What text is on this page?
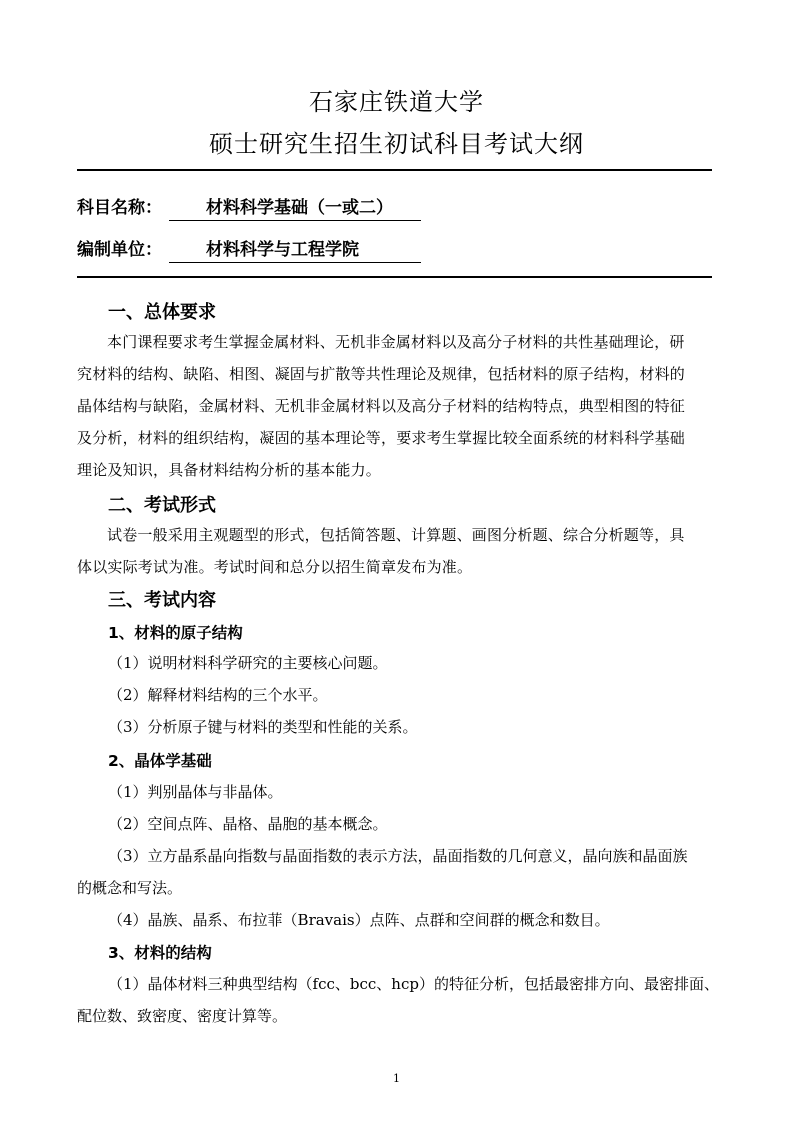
石家庄铁道大学
硕士研究生招生初试科目考试大纲
科目名称：	材料科学基础（一或二）
编制单位：	材料科学与工程学院
一、总体要求
本门课程要求考生掌握金属材料、无机非金属材料以及高分子材料的共性基础理论，研
究材料的结构、缺陷、相图、凝固与扩散等共性理论及规律，包括材料的原子结构，材料的
晶体结构与缺陷，金属材料、无机非金属材料以及高分子材料的结构特点，典型相图的特征
及分析，材料的组织结构，凝固的基本理论等，要求考生掌握比较全面系统的材料科学基础
理论及知识，具备材料结构分析的基本能力。
二、考试形式
试卷一般采用主观题型的形式，包括简答题、计算题、画图分析题、综合分析题等，具
体以实际考试为准。考试时间和总分以招生简章发布为准。
三、考试内容
1、材料的原子结构
（1）说明材料科学研究的主要核心问题。
（2）解释材料结构的三个水平。
（3）分析原子键与材料的类型和性能的关系。
2、晶体学基础
（1）判别晶体与非晶体。
（2）空间点阵、晶格、晶胞的基本概念。
（3）立方晶系晶向指数与晶面指数的表示方法，晶面指数的几何意义，晶向族和晶面族
的概念和写法。
（4）晶族、晶系、布拉菲（Bravais）点阵、点群和空间群的概念和数目。
3、材料的结构
（1）晶体材料三种典型结构（fcc、bcc、hcp）的特征分析，包括最密排方向、最密排面、
配位数、致密度、密度计算等。
1
